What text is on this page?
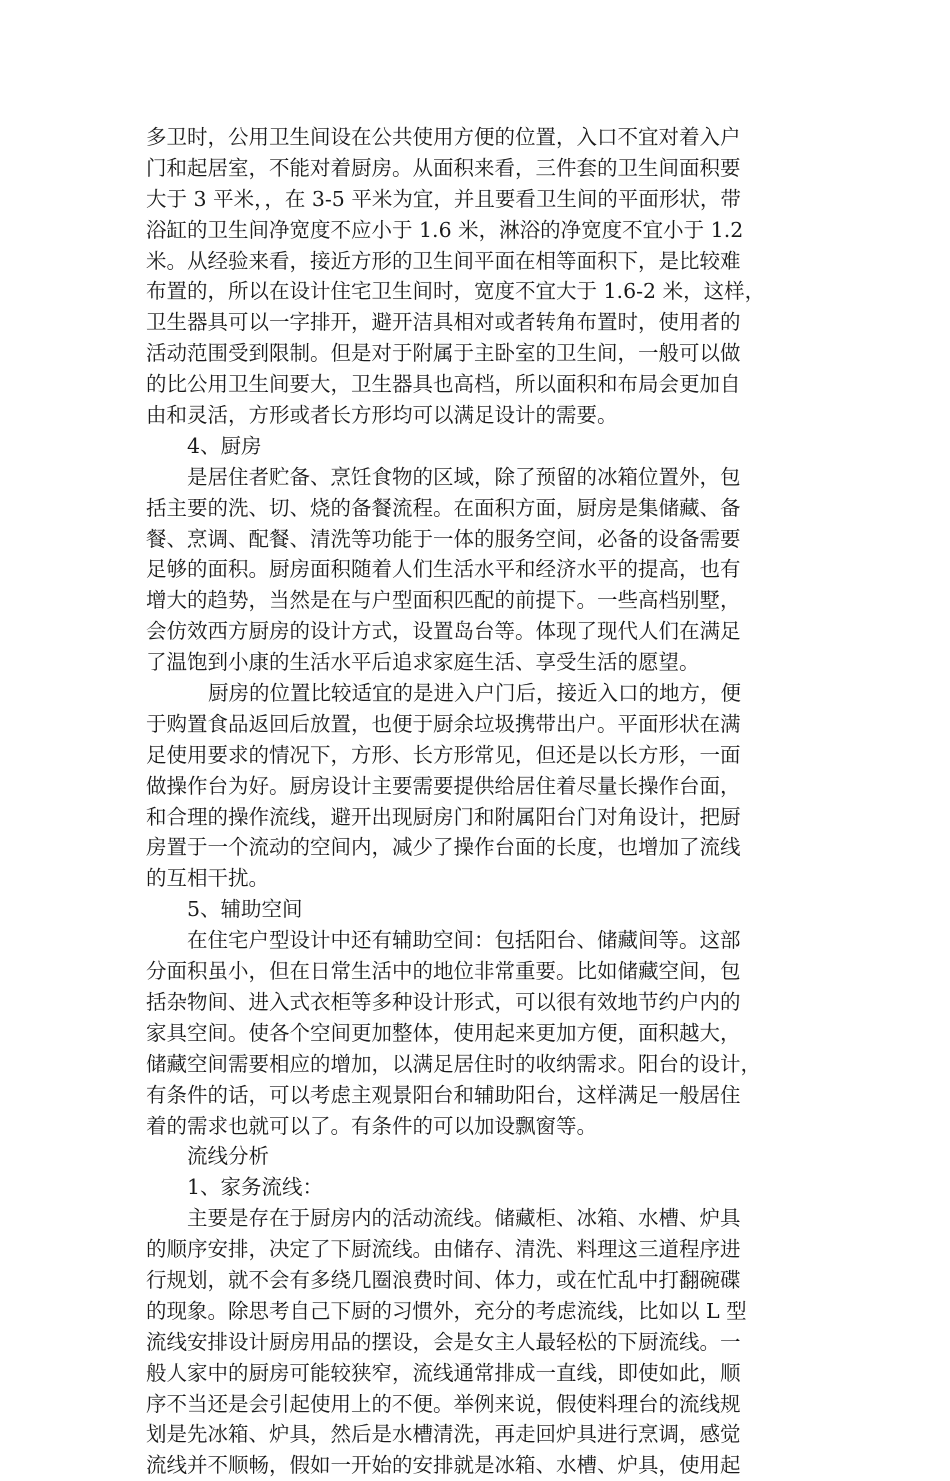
多卫时，公用卫生间设在公共使用方便的位置，入口不宜对着入户
门和起居室，不能对着厨房。从面积来看，三件套的卫生间面积要
大于 3 平米，，在 3-5 平米为宜，并且要看卫生间的平面形状，带
浴缸的卫生间净宽度不应小于 1.6 米，淋浴的净宽度不宜小于 1.2
米。从经验来看，接近方形的卫生间平面在相等面积下，是比较难
布置的，所以在设计住宅卫生间时，宽度不宜大于 1.6-2 米，这样，
卫生器具可以一字排开，避开洁具相对或者转角布置时，使用者的
活动范围受到限制。但是对于附属于主卧室的卫生间，一般可以做
的比公用卫生间要大，卫生器具也高档，所以面积和布局会更加自
由和灵活，方形或者长方形均可以满足设计的需要。
4、厨房
是居住者贮备、烹饪食物的区域，除了预留的冰箱位置外，包
括主要的洗、切、烧的备餐流程。在面积方面，厨房是集储藏、备
餐、烹调、配餐、清洗等功能于一体的服务空间，必备的设备需要
足够的面积。厨房面积随着人们生活水平和经济水平的提高，也有
增大的趋势，当然是在与户型面积匹配的前提下。一些高档别墅，
会仿效西方厨房的设计方式，设置岛台等。体现了现代人们在满足
了温饱到小康的生活水平后追求家庭生活、享受生活的愿望。
厨房的位置比较适宜的是进入户门后，接近入口的地方，便
于购置食品返回后放置，也便于厨余垃圾携带出户。平面形状在满
足使用要求的情况下，方形、长方形常见，但还是以长方形，一面
做操作台为好。厨房设计主要需要提供给居住着尽量长操作台面，
和合理的操作流线，避开出现厨房门和附属阳台门对角设计，把厨
房置于一个流动的空间内，减少了操作台面的长度，也增加了流线
的互相干扰。
5、辅助空间
在住宅户型设计中还有辅助空间：包括阳台、储藏间等。这部
分面积虽小，但在日常生活中的地位非常重要。比如储藏空间，包
括杂物间、进入式衣柜等多种设计形式，可以很有效地节约户内的
家具空间。使各个空间更加整体，使用起来更加方便，面积越大，
储藏空间需要相应的增加，以满足居住时的收纳需求。阳台的设计，
有条件的话，可以考虑主观景阳台和辅助阳台，这样满足一般居住
着的需求也就可以了。有条件的可以加设飘窗等。
流线分析
1、家务流线：
主要是存在于厨房内的活动流线。储藏柜、冰箱、水槽、炉具
的顺序安排，决定了下厨流线。由储存、清洗、料理这三道程序进
行规划，就不会有多绕几圈浪费时间、体力，或在忙乱中打翻碗碟
的现象。除思考自己下厨的习惯外，充分的考虑流线，比如以 L 型
流线安排设计厨房用品的摆设，会是女主人最轻松的下厨流线。一
般人家中的厨房可能较狭窄，流线通常排成一直线，即使如此，顺
序不当还是会引起使用上的不便。举例来说，假使料理台的流线规
划是先冰箱、炉具，然后是水槽清洗，再走回炉具进行烹调，感觉
流线并不顺畅，假如一开始的安排就是冰箱、水槽、炉具，使用起
